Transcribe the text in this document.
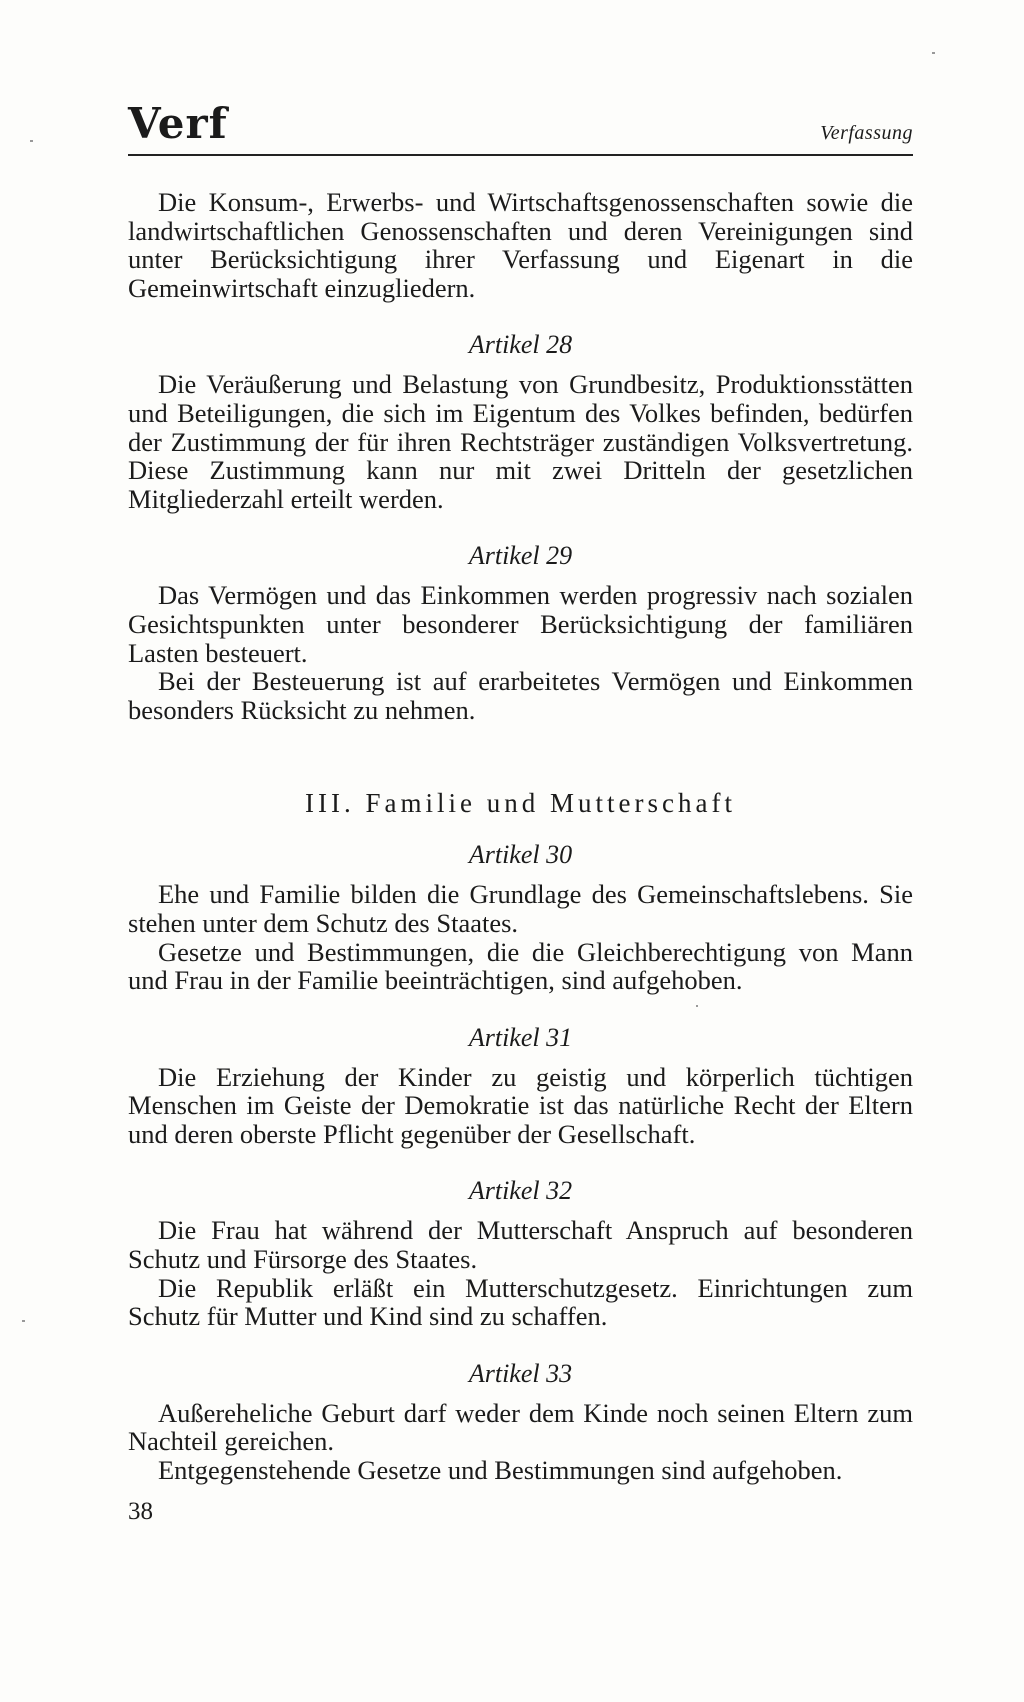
Verf	Verfassung

Die Konsum-, Erwerbs- und Wirtschaftsgenossenschaften sowie die landwirtschaftlichen Genossenschaften und deren Vereinigungen sind unter Berücksichtigung ihrer Verfassung und Eigenart in die Gemeinwirtschaft einzugliedern.

Artikel 28

Die Veräußerung und Belastung von Grundbesitz, Produktionsstätten und Beteiligungen, die sich im Eigentum des Volkes befinden, bedürfen der Zustimmung der für ihren Rechtsträger zuständigen Volksvertretung. Diese Zustimmung kann nur mit zwei Dritteln der gesetzlichen Mitgliederzahl erteilt werden.

Artikel 29

Das Vermögen und das Einkommen werden progressiv nach sozialen Gesichtspunkten unter besonderer Berücksichtigung der familiären Lasten besteuert.

Bei der Besteuerung ist auf erarbeitetes Vermögen und Einkommen besonders Rücksicht zu nehmen.

III. Familie und Mutterschaft

Artikel 30

Ehe und Familie bilden die Grundlage des Gemeinschaftslebens. Sie stehen unter dem Schutz des Staates.

Gesetze und Bestimmungen, die die Gleichberechtigung von Mann und Frau in der Familie beeinträchtigen, sind aufgehoben.

Artikel 31

Die Erziehung der Kinder zu geistig und körperlich tüchtigen Menschen im Geiste der Demokratie ist das natürliche Recht der Eltern und deren oberste Pflicht gegenüber der Gesellschaft.

Artikel 32

Die Frau hat während der Mutterschaft Anspruch auf besonderen Schutz und Fürsorge des Staates.

Die Republik erläßt ein Mutterschutzgesetz. Einrichtungen zum Schutz für Mutter und Kind sind zu schaffen.

Artikel 33

Außereheliche Geburt darf weder dem Kinde noch seinen Eltern zum Nachteil gereichen.

Entgegenstehende Gesetze und Bestimmungen sind aufgehoben.

38
